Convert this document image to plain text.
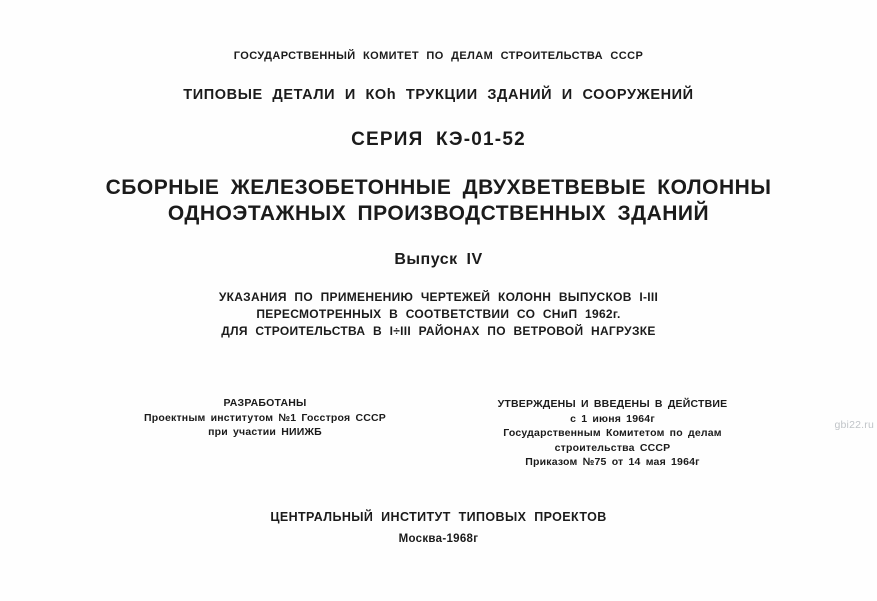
ГОСУДАРСТВЕННЫЙ КОМИТЕТ ПО ДЕЛАМ СТРОИТЕЛЬСТВА СССР
ТИПОВЫЕ ДЕТАЛИ И КОh ТРУКЦИИ ЗДАНИЙ И СООРУЖЕНИЙ
СЕРИЯ КЭ-01-52
СБОРНЫЕ ЖЕЛЕЗОБЕТОННЫЕ ДВУХВЕТВЕВЫЕ КОЛОННЫ
ОДНОЭТАЖНЫХ ПРОИЗВОДСТВЕННЫХ ЗДАНИЙ
Выпуск IV
УКАЗАНИЯ ПО ПРИМЕНЕНИЮ ЧЕРТЕЖЕЙ КОЛОНН ВЫПУСКОВ I-III
ПЕРЕСМОТРЕННЫХ В СООТВЕТСТВИИ СО СНиП 1962г.
ДЛЯ СТРОИТЕЛЬСТВА В I÷III РАЙОНАХ ПО ВЕТРОВОЙ НАГРУЗКЕ
РАЗРАБОТАНЫ
Проектным институтом №1 Госстроя СССР
при участии НИИЖБ
УТВЕРЖДЕНЫ И ВВЕДЕНЫ В ДЕЙСТВИЕ
с 1 июня 1964г
Государственным Комитетом по делам
строительства СССР
Приказом №75 от 14 мая 1964г
ЦЕНТРАЛЬНЫЙ ИНСТИТУТ ТИПОВЫХ ПРОЕКТОВ
Москва-1968г
gbi22.ru
